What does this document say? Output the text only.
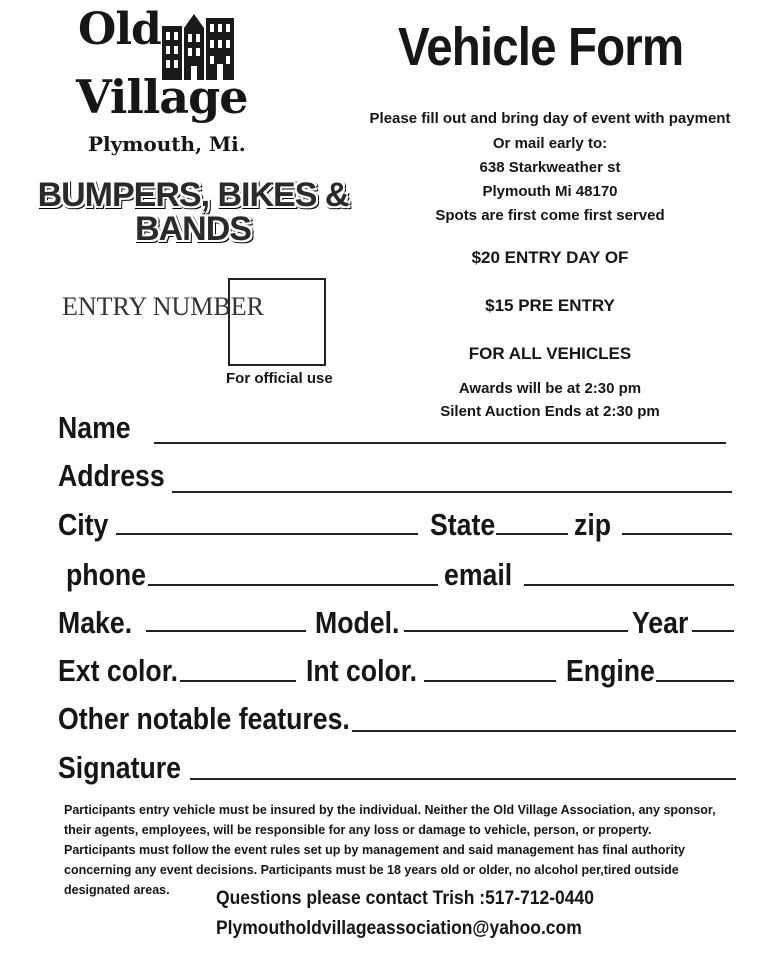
Old
Village
Plymouth, Mi.
BUMPERS, BIKES &
BANDS
ENTRY NUMBER
For official use
Vehicle Form
Please fill out and bring day of event with payment
Or mail early to:
638 Starkweather st
Plymouth Mi 48170
Spots are first come first served
$20 ENTRY DAY OF
$15 PRE ENTRY
FOR ALL VEHICLES
Awards will be at 2:30 pm
Silent Auction Ends at 2:30 pm
Name
Address
City	State	zip
phone	email
Make.	Model.	Year
Ext color.	Int color.	Engine
Other notable features.
Signature
Participants entry vehicle must be insured by the individual. Neither the Old Village Association, any sponsor, their agents, employees, will be responsible for any loss or damage to vehicle, person, or property. Participants must follow the event rules set up by management and said management has final authority concerning any event decisions. Participants must be 18 years old or older, no alcohol per,tired outside designated areas.	Questions please contact Trish :517-712-0440
Plymoutholdvillageassociation@yahoo.com
